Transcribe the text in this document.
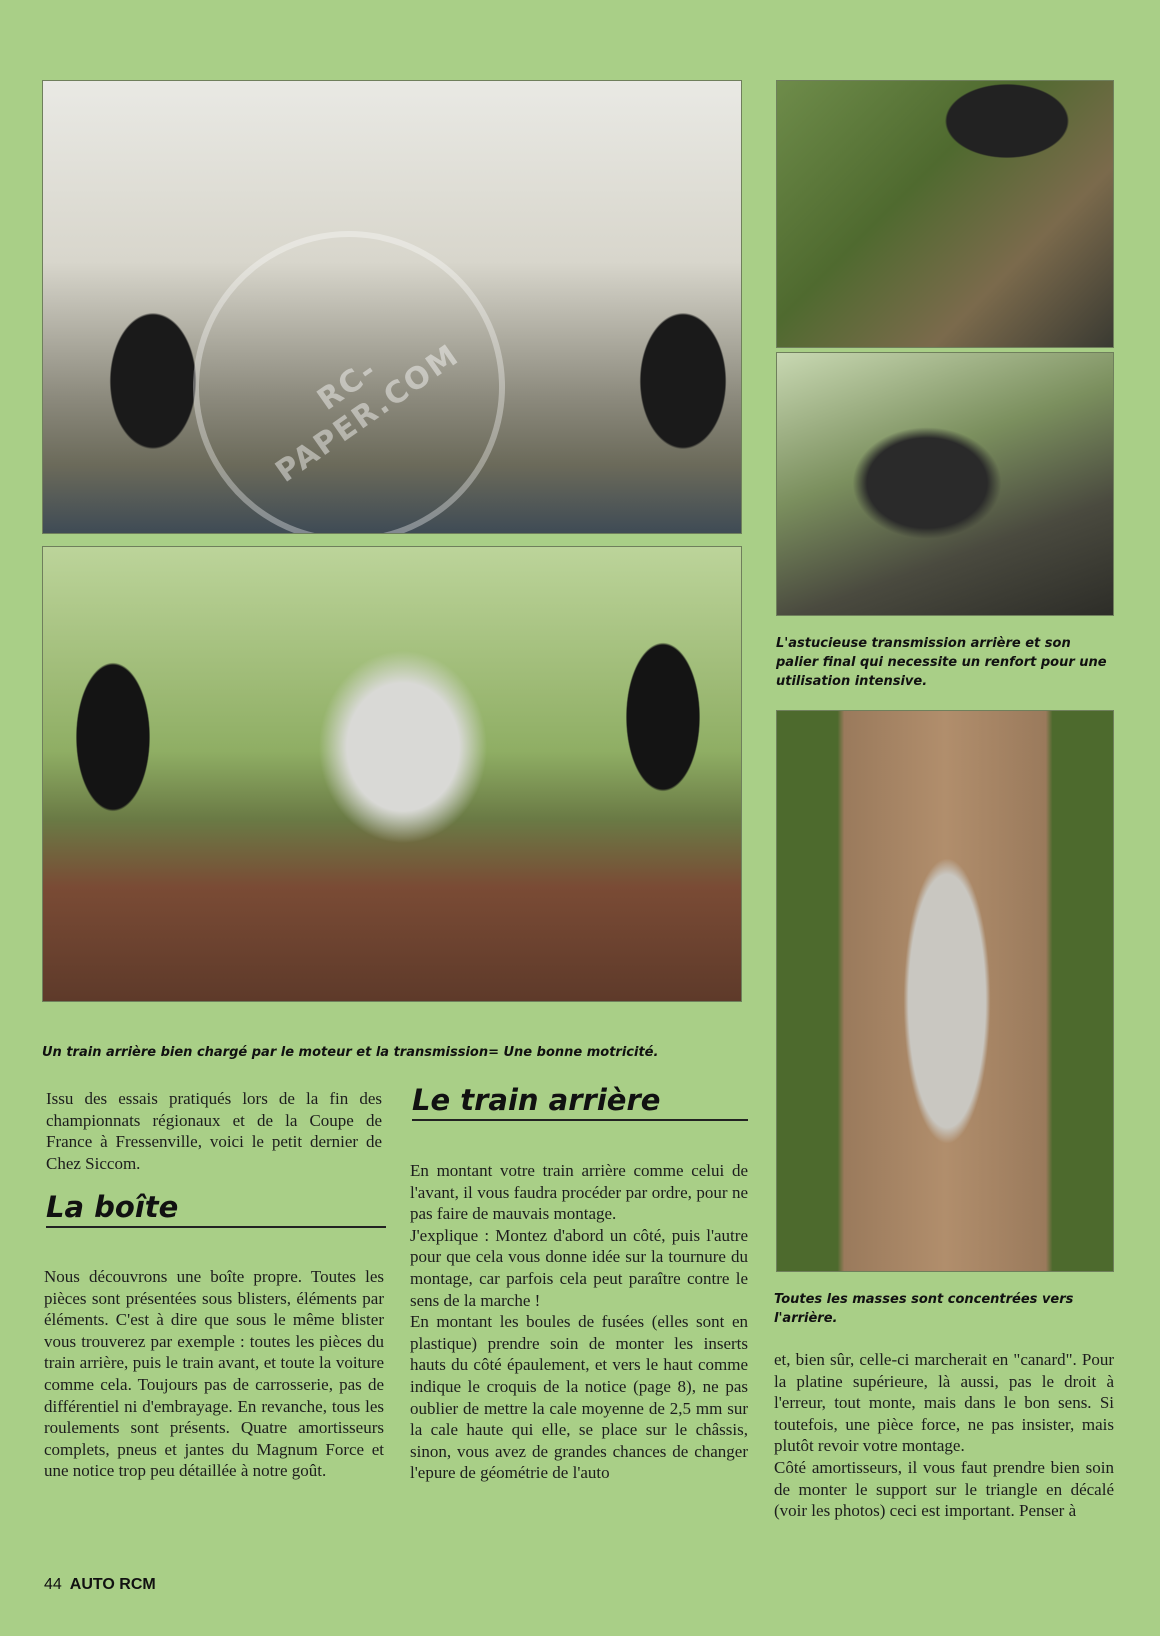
RC-PAPER.COM
Un train arrière bien chargé par le moteur et la transmission= Une bonne motricité.
L'astucieuse transmission arrière et son palier final qui necessite un renfort pour une utilisation intensive.
Toutes les masses sont concentrées vers l'arrière.

Issu des essais pratiqués lors de la fin des championnats régionaux et de la Coupe de France à Fressenville, voici le petit dernier de Chez Siccom.

La boîte

Nous découvrons une boîte propre. Toutes les pièces sont présentées sous blisters, éléments par éléments. C'est à dire que sous le même blister vous trouverez par exemple : toutes les pièces du train arrière, puis le train avant, et toute la voiture comme cela. Toujours pas de carrosserie, pas de différentiel ni d'embrayage. En revanche, tous les roulements sont présents. Quatre amortisseurs complets, pneus et jantes du Magnum Force et une notice trop peu détaillée à notre goût.

Le train arrière

En montant votre train arrière comme celui de l'avant, il vous faudra procéder par ordre, pour ne pas faire de mauvais montage.

J'explique : Montez d'abord un côté, puis l'autre pour que cela vous donne idée sur la tournure du montage, car parfois cela peut paraître contre le sens de la marche !

En montant les boules de fusées (elles sont en plastique) prendre soin de monter les inserts hauts du côté épaulement, et vers le haut comme indique le croquis de la notice (page 8), ne pas oublier de mettre la cale moyenne de 2,5 mm sur la cale haute qui elle, se place sur le châssis, sinon, vous avez de grandes chances de changer l'epure de géométrie de l'auto

et, bien sûr, celle-ci marcherait en "canard". Pour la platine supérieure, là aussi, pas le droit à l'erreur, tout monte, mais dans le bon sens. Si toutefois, une pièce force, ne pas insister, mais plutôt revoir votre montage.

Côté amortisseurs, il vous faut prendre bien soin de monter le support sur le triangle en décalé (voir les photos) ceci est important. Penser à

44 AUTO RCM
